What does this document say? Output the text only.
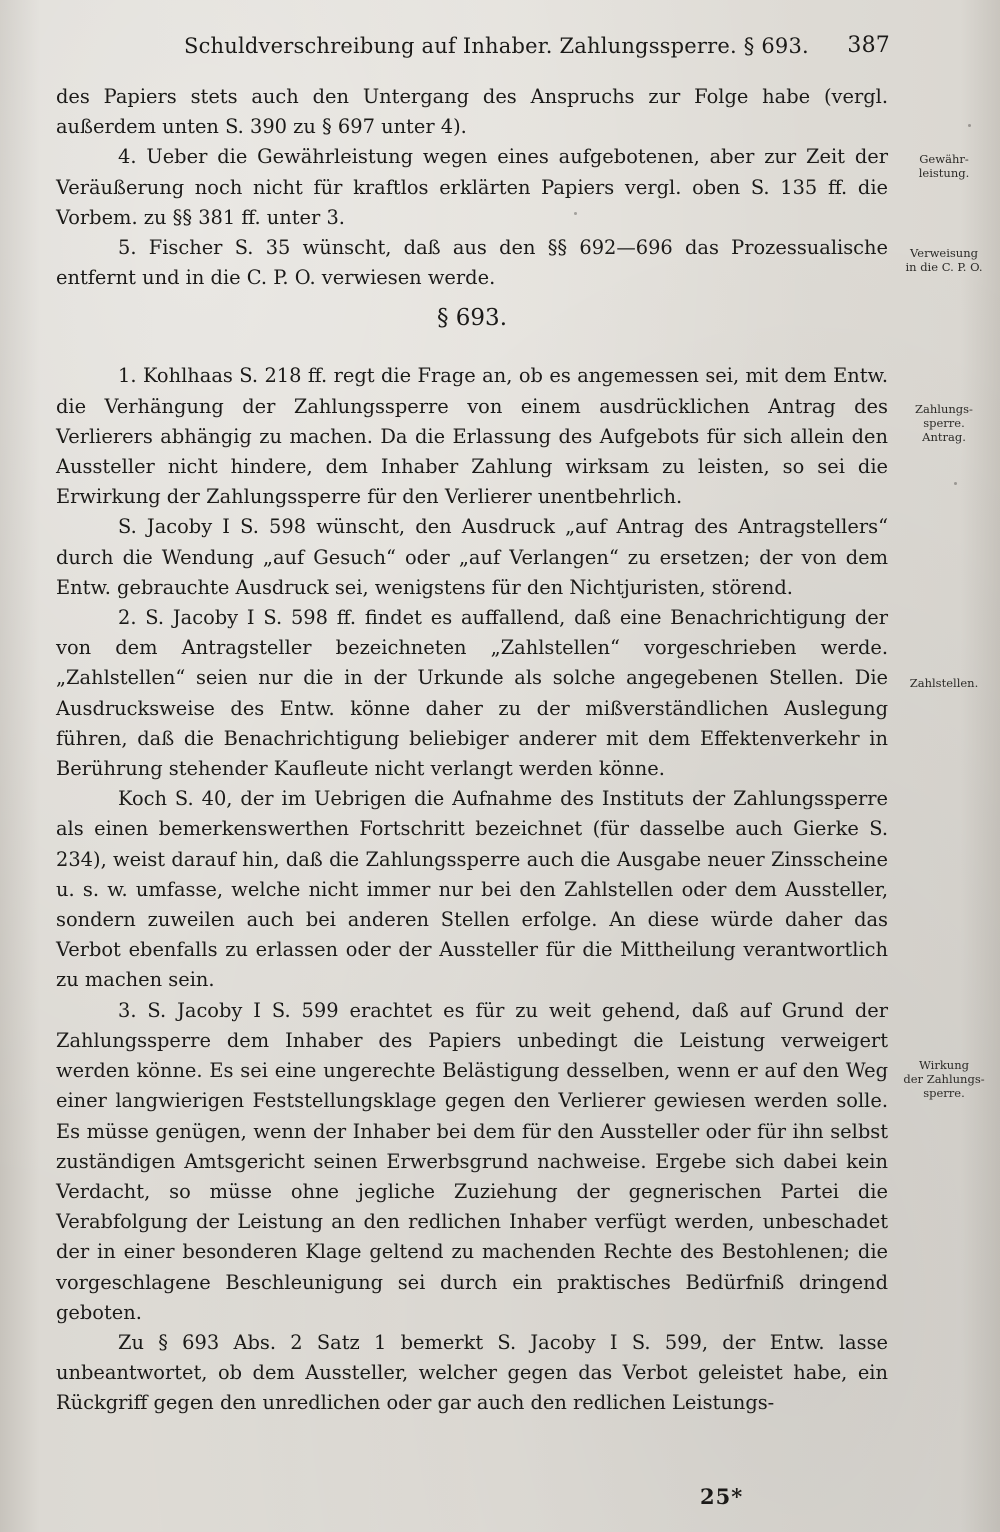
Schuldverschreibung auf Inhaber. Zahlungssperre. § 693. 387

des Papiers stets auch den Untergang des Anspruchs zur Folge habe (vergl. außerdem unten S. 390 zu § 697 unter 4).

4. Ueber die Gewährleistung wegen eines aufgebotenen, aber zur Zeit der Veräußerung noch nicht für kraftlos erklärten Papiers vergl. oben S. 135 ff. die Vorbem. zu §§ 381 ff. unter 3.

5. Fischer S. 35 wünscht, daß aus den §§ 692—696 das Prozessualische entfernt und in die C. P. O. verwiesen werde.

§ 693.

1. Kohlhaas S. 218 ff. regt die Frage an, ob es angemessen sei, mit dem Entw. die Verhängung der Zahlungssperre von einem ausdrücklichen Antrag des Verlierers abhängig zu machen. Da die Erlassung des Aufgebots für sich allein den Aussteller nicht hindere, dem Inhaber Zahlung wirksam zu leisten, so sei die Erwirkung der Zahlungssperre für den Verlierer unentbehrlich.

S. Jacoby I S. 598 wünscht, den Ausdruck „auf Antrag des Antragstellers“ durch die Wendung „auf Gesuch“ oder „auf Verlangen“ zu ersetzen; der von dem Entw. gebrauchte Ausdruck sei, wenigstens für den Nichtjuristen, störend.

2. S. Jacoby I S. 598 ff. findet es auffallend, daß eine Benachrichtigung der von dem Antragsteller bezeichneten „Zahlstellen“ vorgeschrieben werde. „Zahlstellen“ seien nur die in der Urkunde als solche angegebenen Stellen. Die Ausdrucksweise des Entw. könne daher zu der mißverständlichen Auslegung führen, daß die Benachrichtigung beliebiger anderer mit dem Effektenverkehr in Berührung stehender Kaufleute nicht verlangt werden könne.

Koch S. 40, der im Uebrigen die Aufnahme des Instituts der Zahlungssperre als einen bemerkenswerthen Fortschritt bezeichnet (für dasselbe auch Gierke S. 234), weist darauf hin, daß die Zahlungssperre auch die Ausgabe neuer Zinsscheine u. s. w. umfasse, welche nicht immer nur bei den Zahlstellen oder dem Aussteller, sondern zuweilen auch bei anderen Stellen erfolge. An diese würde daher das Verbot ebenfalls zu erlassen oder der Aussteller für die Mittheilung verantwortlich zu machen sein.

3. S. Jacoby I S. 599 erachtet es für zu weit gehend, daß auf Grund der Zahlungssperre dem Inhaber des Papiers unbedingt die Leistung verweigert werden könne. Es sei eine ungerechte Belästigung desselben, wenn er auf den Weg einer langwierigen Feststellungsklage gegen den Verlierer gewiesen werden solle. Es müsse genügen, wenn der Inhaber bei dem für den Aussteller oder für ihn selbst zuständigen Amtsgericht seinen Erwerbsgrund nachweise. Ergebe sich dabei kein Verdacht, so müsse ohne jegliche Zuziehung der gegnerischen Partei die Verabfolgung der Leistung an den redlichen Inhaber verfügt werden, unbeschadet der in einer besonderen Klage geltend zu machenden Rechte des Bestohlenen; die vorgeschlagene Beschleunigung sei durch ein praktisches Bedürfniß dringend geboten.

Zu § 693 Abs. 2 Satz 1 bemerkt S. Jacoby I S. 599, der Entw. lasse unbeantwortet, ob dem Aussteller, welcher gegen das Verbot geleistet habe, ein Rückgriff gegen den unredlichen oder gar auch den redlichen Leistungs-

Gewähr-
leistung.
Verweisung
in die C. P. O.
Zahlungs-
sperre.
Antrag.
Zahlstellen.
Wirkung
der Zahlungs-
sperre.
25*
